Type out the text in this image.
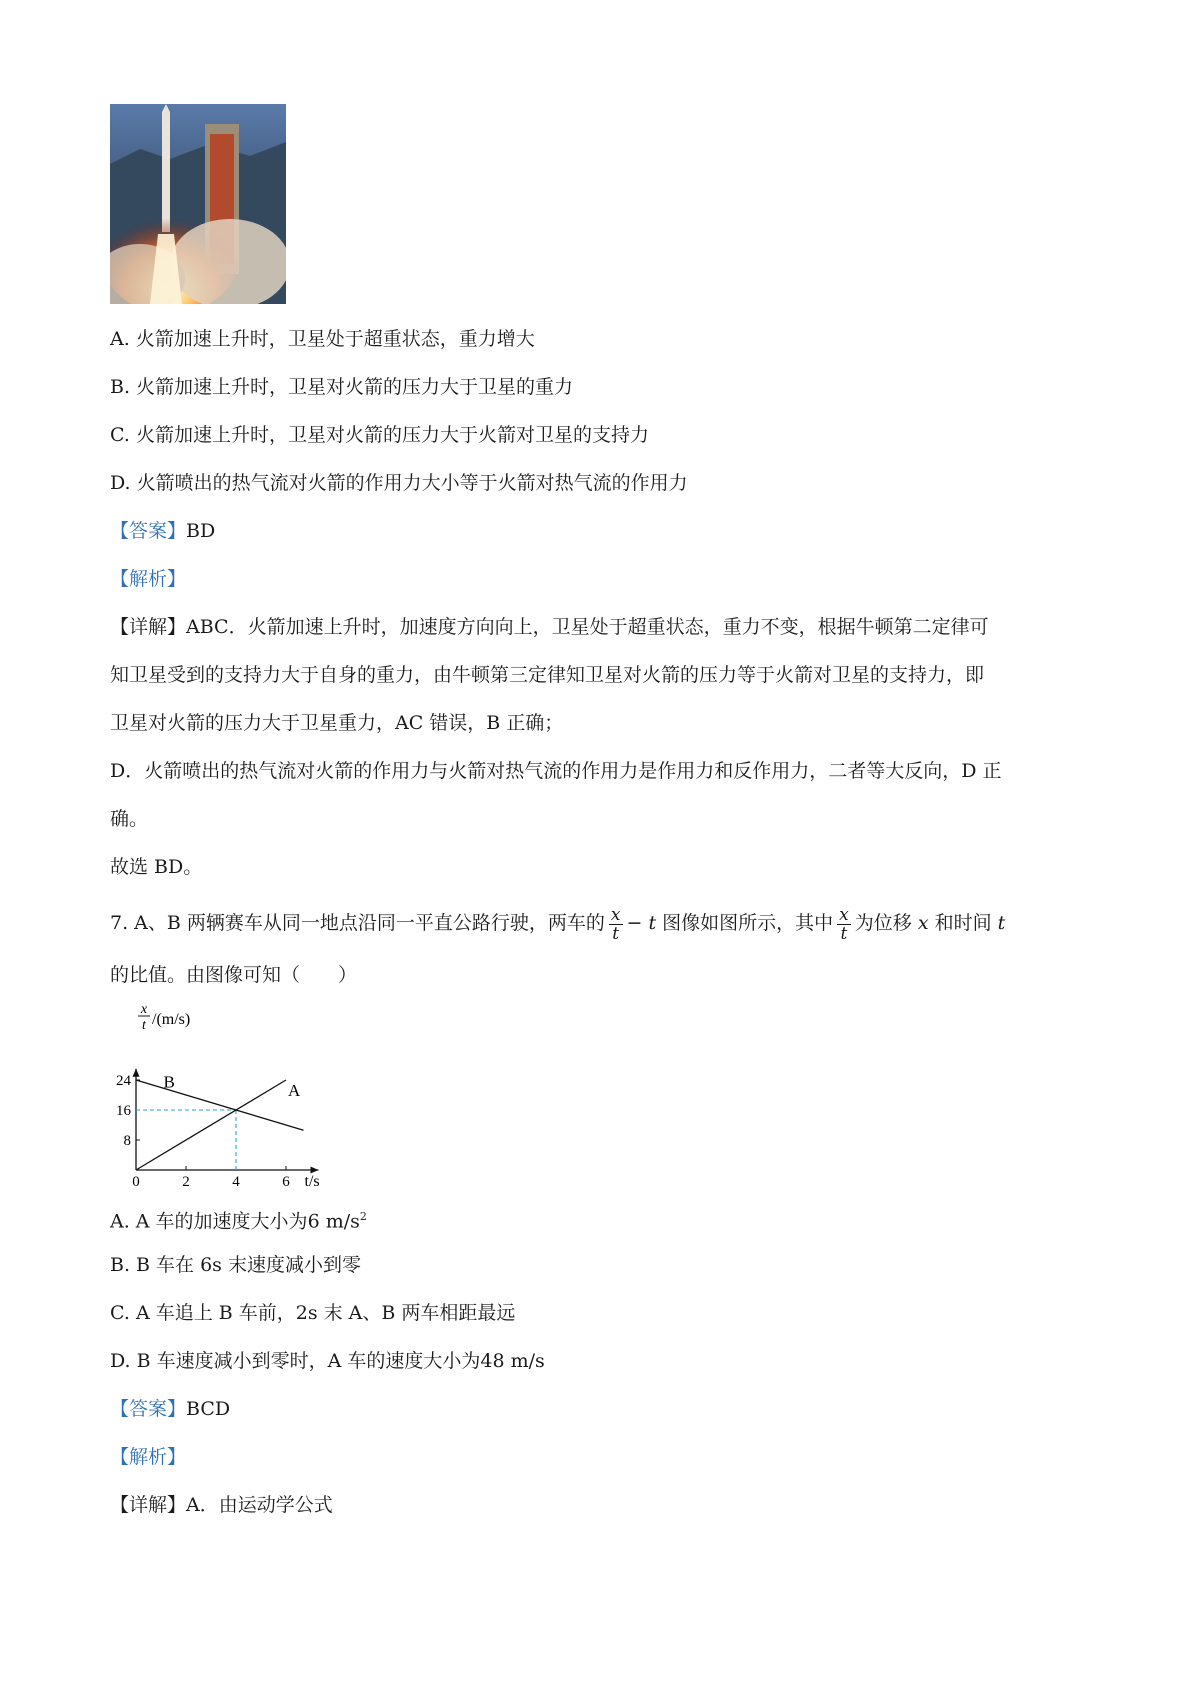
A. 火箭加速上升时，卫星处于超重状态，重力增大
B. 火箭加速上升时，卫星对火箭的压力大于卫星的重力
C. 火箭加速上升时，卫星对火箭的压力大于火箭对卫星的支持力
D. 火箭喷出的热气流对火箭的作用力大小等于火箭对热气流的作用力
【答案】BD
【解析】
【详解】ABC．火箭加速上升时，加速度方向向上，卫星处于超重状态，重力不变，根据牛顿第二定律可
知卫星受到的支持力大于自身的重力，由牛顿第三定律知卫星对火箭的压力等于火箭对卫星的支持力，即
卫星对火箭的压力大于卫星重力，AC 错误，B 正确；
D．火箭喷出的热气流对火箭的作用力与火箭对热气流的作用力是作用力和反作用力，二者等大反向，D 正
确。
故选 BD。
7. A、B 两辆赛车从同一地点沿同一平直公路行驶，两车的 $\frac{x}{t} - t$ 图像如图所示，其中 $\frac{x}{t}$ 为位移 x 和时间 t
的比值。由图像可知（　　）
0	2	4	6
8
16
24	A
B
t/s
x
t /(m/s)
A. A 车的加速度大小为6 $m/s^2$
B. B 车在 6s 末速度减小到零
C. A 车追上 B 车前，2s 末 A、B 两车相距最远
D. B 车速度减小到零时，A 车的速度大小为48 m/s
【答案】BCD
【解析】
【详解】A．由运动学公式
